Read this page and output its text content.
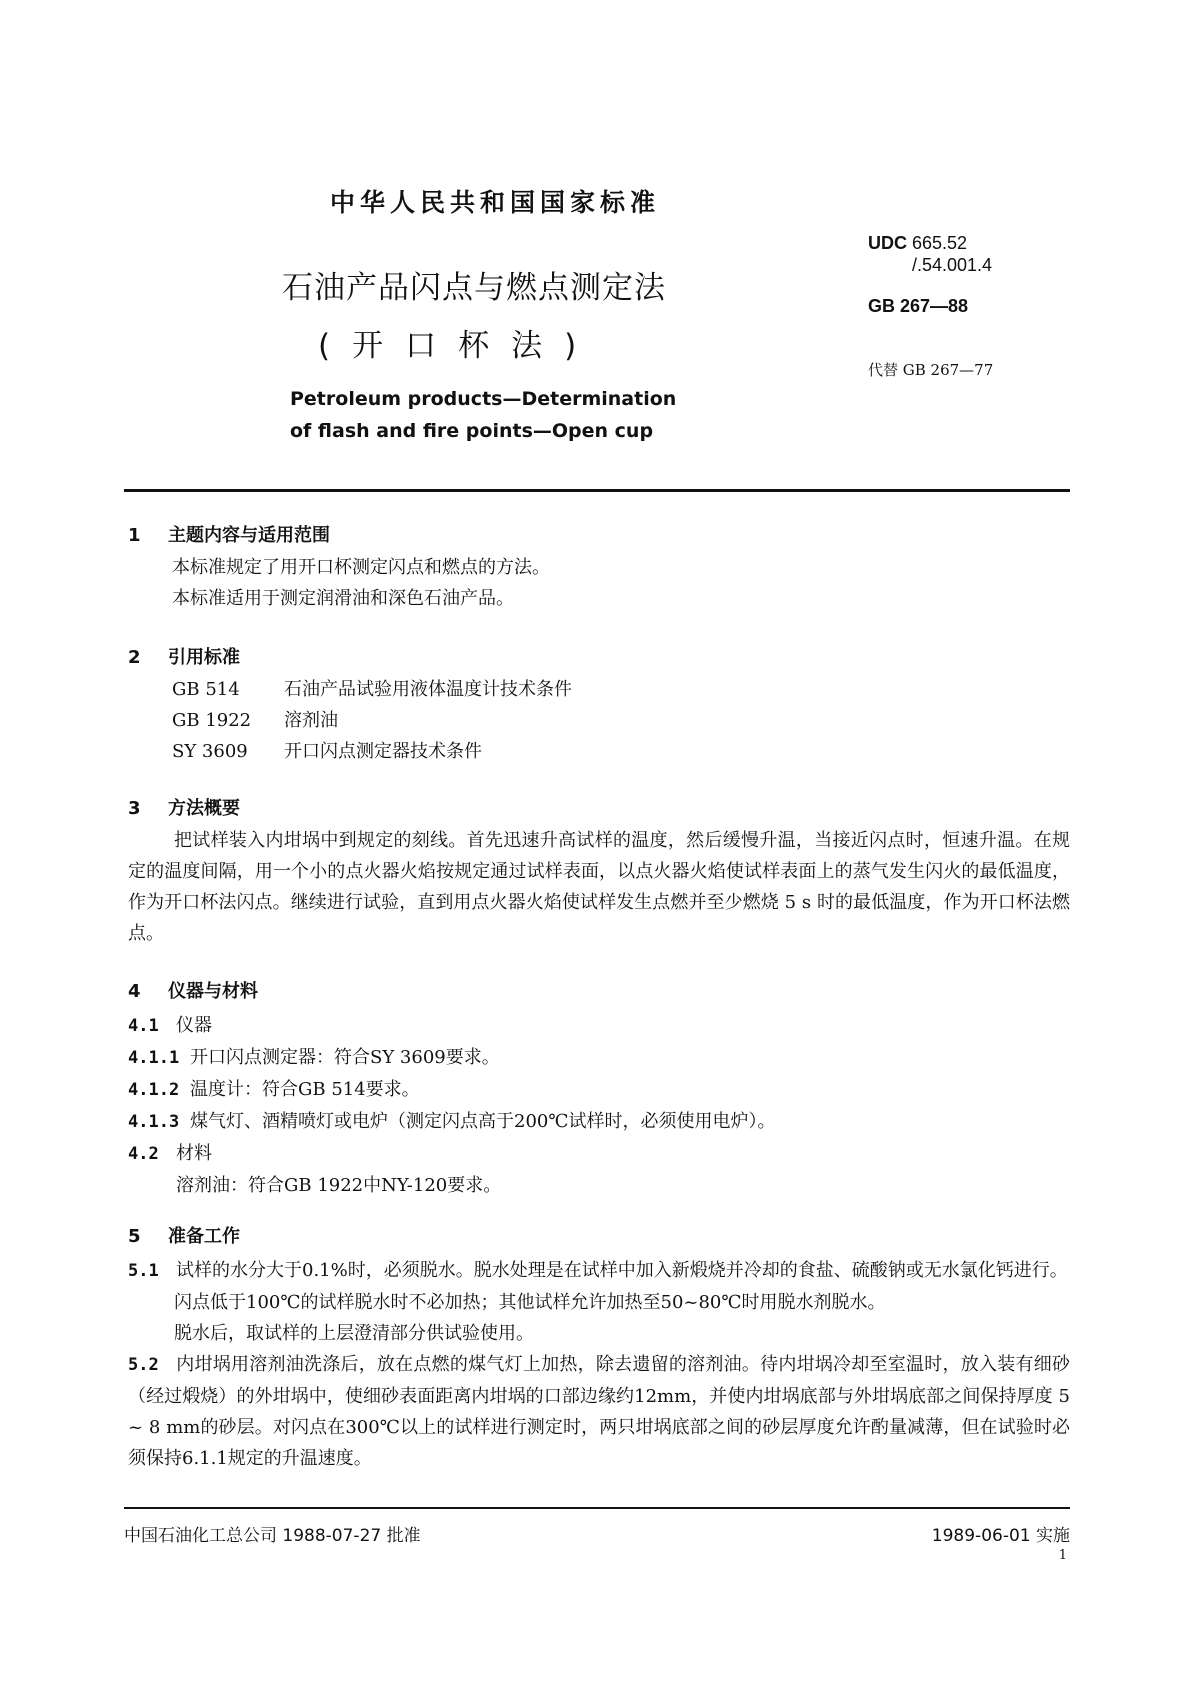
中华人民共和国国家标准
石油产品闪点与燃点测定法
(开口杯法)
Petroleum products—Determination
of flash and fire points—Open cup
UDC 665.52
/.54.001.4
GB 267—88
代替 GB 267—77
1 主题内容与适用范围
本标准规定了用开口杯测定闪点和燃点的方法。
本标准适用于测定润滑油和深色石油产品。
2 引用标准
GB 514 石油产品试验用液体温度计技术条件
GB 1922 溶剂油
SY 3609 开口闪点测定器技术条件
3 方法概要
把试样装入内坩埚中到规定的刻线。首先迅速升高试样的温度，然后缓慢升温，当接近闪点时，恒速升温。在规定的温度间隔，用一个小的点火器火焰按规定通过试样表面，以点火器火焰使试样表面上的蒸气发生闪火的最低温度，作为开口杯法闪点。继续进行试验，直到用点火器火焰使试样发生点燃并至少燃烧 5 s 时的最低温度，作为开口杯法燃点。
4 仪器与材料
4.1 仪器
4.1.1 开口闪点测定器：符合SY 3609要求。
4.1.2 温度计：符合GB 514要求。
4.1.3 煤气灯、酒精喷灯或电炉（测定闪点高于200℃试样时，必须使用电炉）。
4.2 材料
溶剂油：符合GB 1922中NY-120要求。
5 准备工作
5.1 试样的水分大于0.1%时，必须脱水。脱水处理是在试样中加入新煅烧并冷却的食盐、硫酸钠或无水氯化钙进行。
闪点低于100℃的试样脱水时不必加热；其他试样允许加热至50~80℃时用脱水剂脱水。
脱水后，取试样的上层澄清部分供试验使用。
5.2 内坩埚用溶剂油洗涤后，放在点燃的煤气灯上加热，除去遗留的溶剂油。待内坩埚冷却至室温时，放入装有细砂（经过煅烧）的外坩埚中，使细砂表面距离内坩埚的口部边缘约12mm，并使内坩埚底部与外坩埚底部之间保持厚度 5 ~ 8 mm的砂层。对闪点在300℃以上的试样进行测定时，两只坩埚底部之间的砂层厚度允许酌量减薄，但在试验时必须保持6.1.1规定的升温速度。
中国石油化工总公司 1988-07-27 批准	1989-06-01 实施
1
